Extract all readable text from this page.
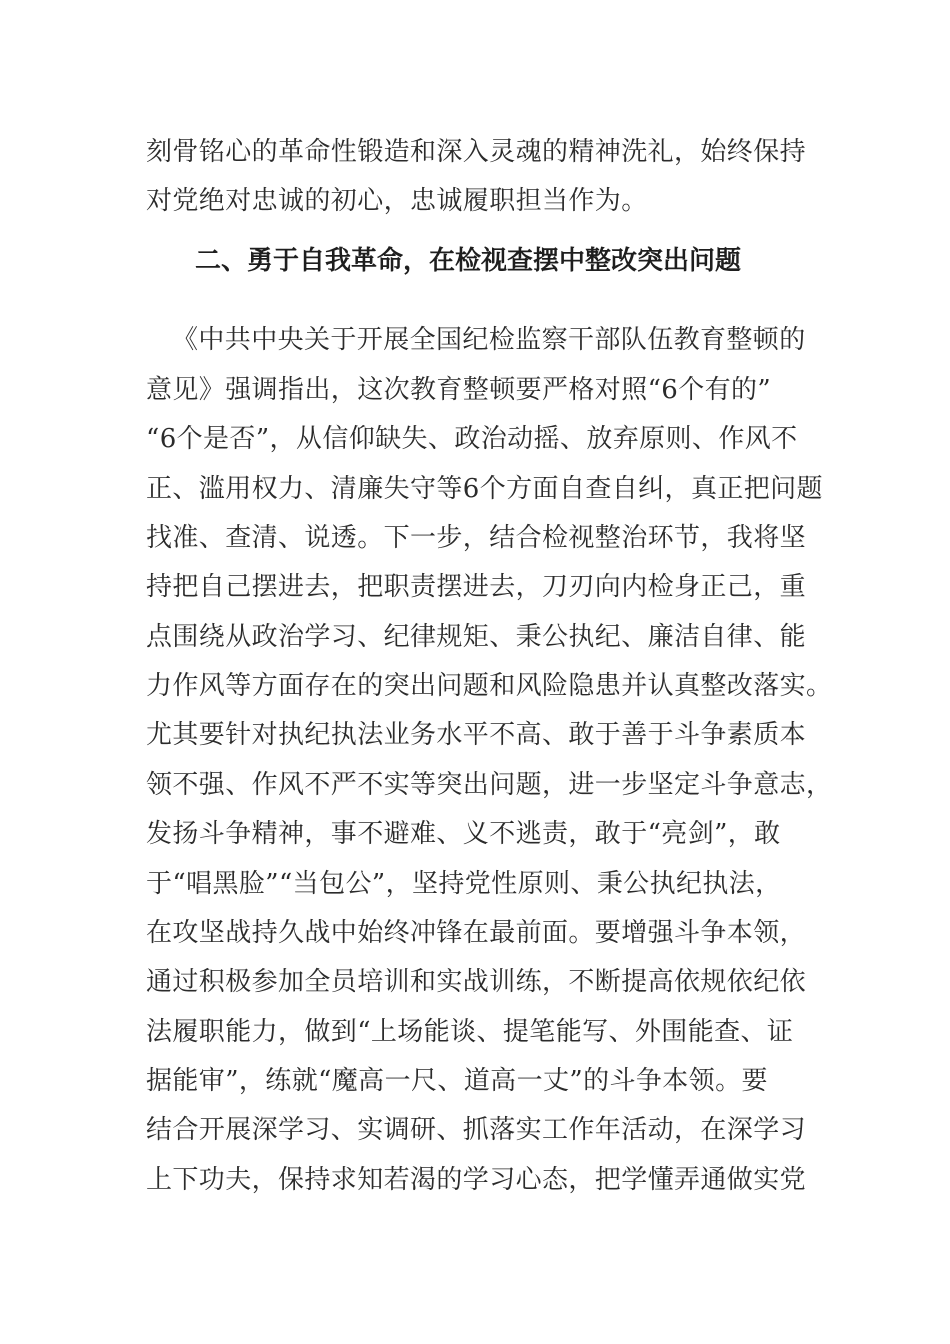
刻骨铭心的革命性锻造和深入灵魂的精神洗礼，始终保持
对党绝对忠诚的初心，忠诚履职担当作为。
二、勇于自我革命，在检视查摆中整改突出问题
《中共中央关于开展全国纪检监察干部队伍教育整顿的
意见》强调指出，这次教育整顿要严格对照“6个有的”
“6个是否”，从信仰缺失、政治动摇、放弃原则、作风不
正、滥用权力、清廉失守等6个方面自查自纠，真正把问题
找准、查清、说透。下一步，结合检视整治环节，我将坚
持把自己摆进去，把职责摆进去，刀刃向内检身正己，重
点围绕从政治学习、纪律规矩、秉公执纪、廉洁自律、能
力作风等方面存在的突出问题和风险隐患并认真整改落实。
尤其要针对执纪执法业务水平不高、敢于善于斗争素质本
领不强、作风不严不实等突出问题，进一步坚定斗争意志，
发扬斗争精神，事不避难、义不逃责，敢于“亮剑”，敢
于“唱黑脸”“当包公”，坚持党性原则、秉公执纪执法，
在攻坚战持久战中始终冲锋在最前面。要增强斗争本领，
通过积极参加全员培训和实战训练，不断提高依规依纪依
法履职能力，做到“上场能谈、提笔能写、外围能查、证
据能审”，练就“魔高一尺、道高一丈”的斗争本领。要
结合开展深学习、实调研、抓落实工作年活动，在深学习
上下功夫，保持求知若渴的学习心态，把学懂弄通做实党
